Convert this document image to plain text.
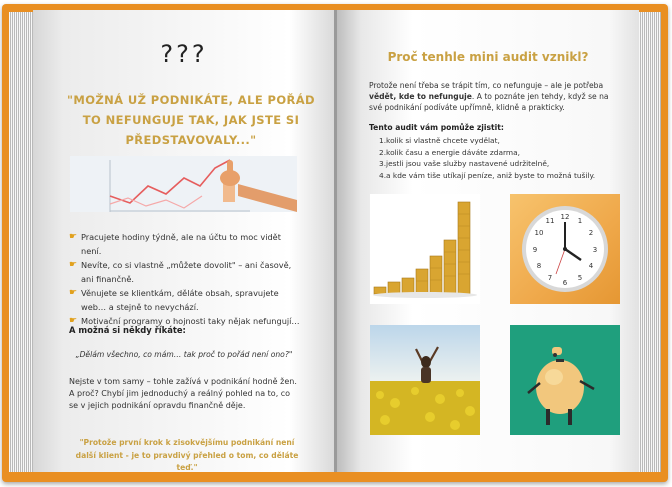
???
"MOŽNÁ UŽ PODNIKÁTE, ALE POŘÁD TO NEFUNGUJE TAK, JAK JSTE SI PŘEDSTAVOVALY..."
☛ Pracujete hodiny týdně, ale na účtu to moc vidět není.
☛ Nevíte, co si vlastně „můžete dovolit" – ani časově, ani finančně.
☛ Věnujete se klientkám, děláte obsah, spravujete web… a stejně to nevychází.
☛ Motivační programy o hojnosti taky nějak nefungují…
A možná si někdy říkáte:
„Dělám všechno, co mám… tak proč to pořád není ono?"
Nejste v tom samy – tohle zažívá v podnikání hodně žen. A proč? Chybí jim jednoduchý a reálný pohled na to, co se v jejich podnikání opravdu finančně děje.
"Protože první krok k zisokvějšímu podnikání není další klient - je to pravdivý přehled o tom, co děláte teď."
Proč tenhle mini audit vznikl?
Protože není třeba se trápit tím, co nefunguje – ale je potřeba vědět, kde to nefunguje. A to poznáte jen tehdy, když se na své podnikání podíváte upřímně, klidně a prakticky.
Tento audit vám pomůže zjistit:
1.kolik si vlastně chcete vydělat,
2.kolik času a energie dáváte zdarma,
3.jestli jsou vaše služby nastavené udržitelně,
4.a kde vám tiše utíkají peníze, aniž byste to možná tušily.
12
3
6
9
1
2
4
5
7
8
10
11
